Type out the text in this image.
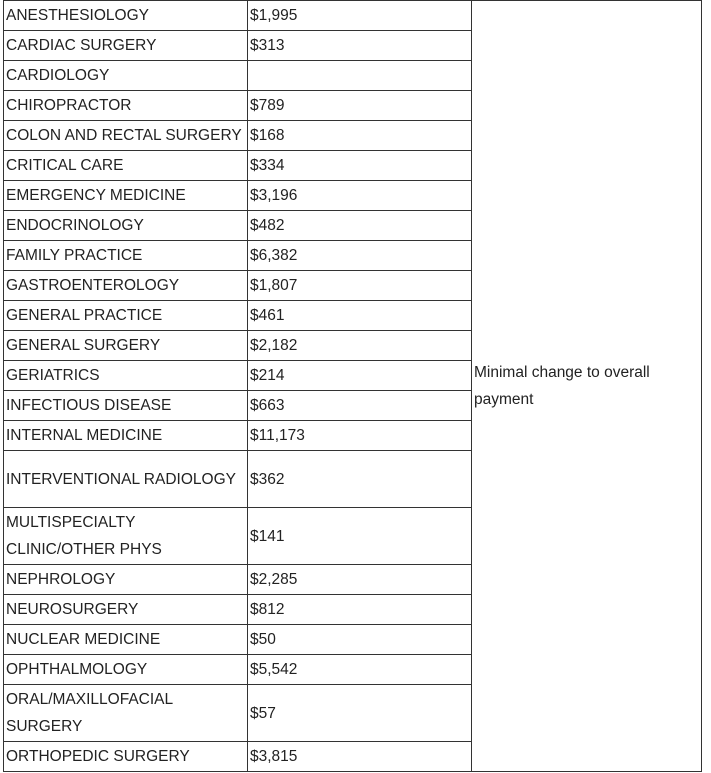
ANESTHESIOLOGY	$1,995	Minimal change to overall payment
CARDIAC SURGERY	$313	
CARDIOLOGY		
CHIROPRACTOR	$789	
COLON AND RECTAL SURGERY	$168	
CRITICAL CARE	$334	
EMERGENCY MEDICINE	$3,196	
ENDOCRINOLOGY	$482	
FAMILY PRACTICE	$6,382	
GASTROENTEROLOGY	$1,807	
GENERAL PRACTICE	$461	
GENERAL SURGERY	$2,182	
GERIATRICS	$214	
INFECTIOUS DISEASE	$663	
INTERNAL MEDICINE	$11,173	
INTERVENTIONAL RADIOLOGY	$362	
MULTISPECIALTY CLINIC/OTHER PHYS	$141	
NEPHROLOGY	$2,285	
NEUROSURGERY	$812	
NUCLEAR MEDICINE	$50	
OPHTHALMOLOGY	$5,542	
ORAL/MAXILLOFACIAL SURGERY	$57	
ORTHOPEDIC SURGERY	$3,815	
